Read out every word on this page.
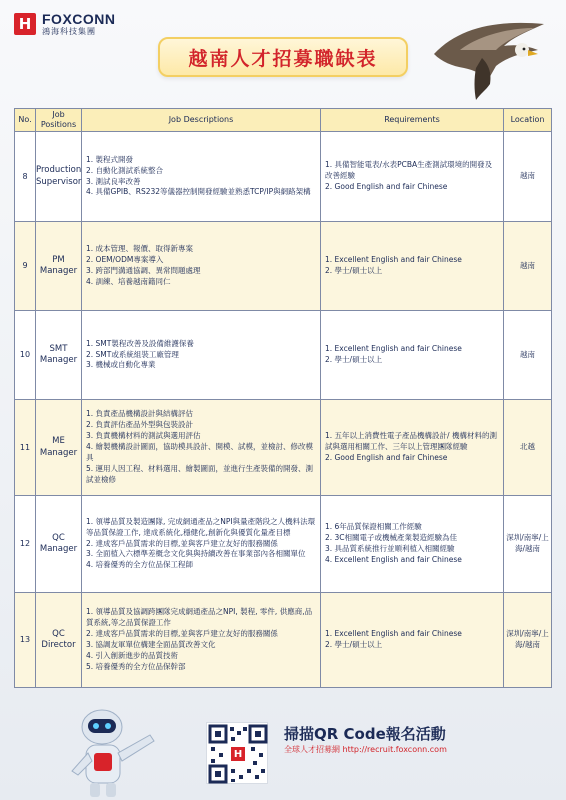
H FOXCONN
鴻海科技集團
越南人才招募職缺表
No.	Job Positions	Job Descriptions	Requirements	Location
8	Production Supervisor	1. 製程式開發
2. 自動化測試系統整合
3. 測試良率改善
4. 具備GPIB、RS232等儀器控制開發經驗並熟悉TCP/IP與網路架構	1. 具備智能電表/水表PCBA生產測試環境的開發及改善經驗
2. Good English and fair Chinese	越南
9	PM Manager	1. 成本管理、報價、取得新專案
2. OEM/ODM專案導入
3. 跨部門溝通協調、異常問題處理
4. 訓練、培養越南籍同仁	1. Excellent English and fair Chinese
2. 學士/碩士以上	越南
10	SMT Manager	1. SMT製程改善及設備維護保養
2. SMT或系統組裝工廠管理
3. 機械或自動化專業	1. Excellent English and fair Chinese
2. 學士/碩士以上	越南
11	ME Manager	1. 負責產品機構設計與結構評估
2. 負責評估產品外型與包裝設計
3. 負責機構材料的測試與選用評估
4. 繪製機構設計圖面，協助模具設計、開模、試模，並檢討、修改模具
5. 運用人因工程、材料選用、繪製圖面，並進行生產裝備的開發、測試並檢修	1. 五年以上消費性電子產品機構設計/ 機構材料的測試與選用相關工作、三年以上管理團隊經驗
2. Good English and fair Chinese	北越
12	QC Manager	1. 領導品質及製造團隊, 完成網通產品之NPI與量產階段之人機料法環等品質保證工作, 達成系統化,穩健化,創新化與優質化量產目標
2. 達成客戶品質需求的目標,並與客戶建立友好的服務關係
3. 全面植入六標準差概念文化與與持續改善在事業部內各相關單位
4. 培養優秀的全方位品保工程師	1. 6年品質保證相關工作經驗
2. 3C相關電子或機械產業製造經驗為佳
3. 具品質系統推行並順利植入相關經驗
4. Excellent English and fair Chinese	深圳/南寧/上海/越南
13	QC Director	1. 領導品質及協調跨團隊完成網通產品之NPI, 製程, 零件, 供應商,品質系統,等之品質保證工作
2. 達成客戶品質需求的目標,並與客戶建立友好的服務關係
3. 協調友軍單位構建全面品質改善文化
4. 引入創新進步的品質技術
5. 培養優秀的全方位品保幹部	1. Excellent English and fair Chinese
2. 學士/碩士以上	深圳/南寧/上海/越南
H
掃描QR Code報名活動
全球人才招募網 http://recruit.foxconn.com
